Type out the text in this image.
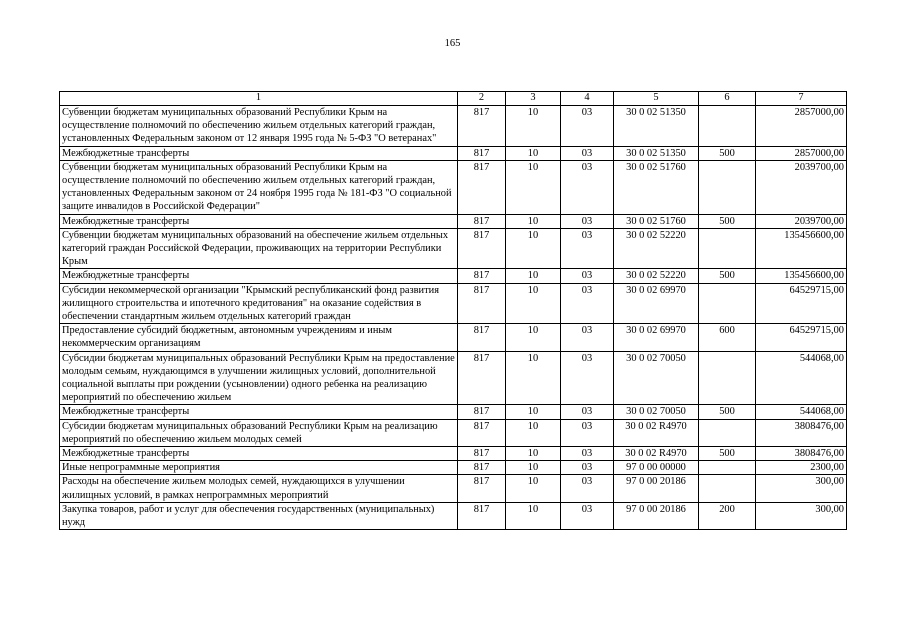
165
1	2	3	4	5	6	7
Субвенции бюджетам муниципальных образований Республики Крым на осуществление полномочий по обеспечению жильем отдельных категорий граждан, установленных Федеральным законом от 12 января 1995 года № 5-ФЗ "О ветеранах"	817	10	03	30 0 02 51350		2857000,00
Межбюджетные трансферты	817	10	03	30 0 02 51350	500	2857000,00
Субвенции бюджетам муниципальных образований Республики Крым на осуществление полномочий по обеспечению жильем отдельных категорий граждан, установленных Федеральным законом от 24 ноября 1995 года № 181-ФЗ "О социальной защите инвалидов в Российской Федерации"	817	10	03	30 0 02 51760		2039700,00
Межбюджетные трансферты	817	10	03	30 0 02 51760	500	2039700,00
Субвенции бюджетам муниципальных образований на обеспечение жильем отдельных категорий граждан Российской Федерации, проживающих на территории Республики Крым	817	10	03	30 0 02 52220		135456600,00
Межбюджетные трансферты	817	10	03	30 0 02 52220	500	135456600,00
Субсидии некоммерческой организации "Крымский республиканский фонд развития жилищного строительства и ипотечного кредитования" на оказание содействия в обеспечении стандартным жильем отдельных категорий граждан	817	10	03	30 0 02 69970		64529715,00
Предоставление субсидий бюджетным, автономным учреждениям и иным некоммерческим организациям	817	10	03	30 0 02 69970	600	64529715,00
Субсидии бюджетам муниципальных образований Республики Крым на предоставление молодым семьям, нуждающимся в улучшении жилищных условий, дополнительной социальной выплаты при рождении (усыновлении) одного ребенка на реализацию мероприятий по обеспечению жильем	817	10	03	30 0 02 70050		544068,00
Межбюджетные трансферты	817	10	03	30 0 02 70050	500	544068,00
Субсидии бюджетам муниципальных образований Республики Крым на реализацию мероприятий по обеспечению жильем молодых семей	817	10	03	30 0 02 R4970		3808476,00
Межбюджетные трансферты	817	10	03	30 0 02 R4970	500	3808476,00
Иные непрограммные мероприятия	817	10	03	97 0 00 00000		2300,00
Расходы на обеспечение жильем молодых семей, нуждающихся в улучшении жилищных условий, в рамках непрограммных мероприятий	817	10	03	97 0 00 20186		300,00
Закупка товаров, работ и услуг для обеспечения государственных (муниципальных) нужд	817	10	03	97 0 00 20186	200	300,00
